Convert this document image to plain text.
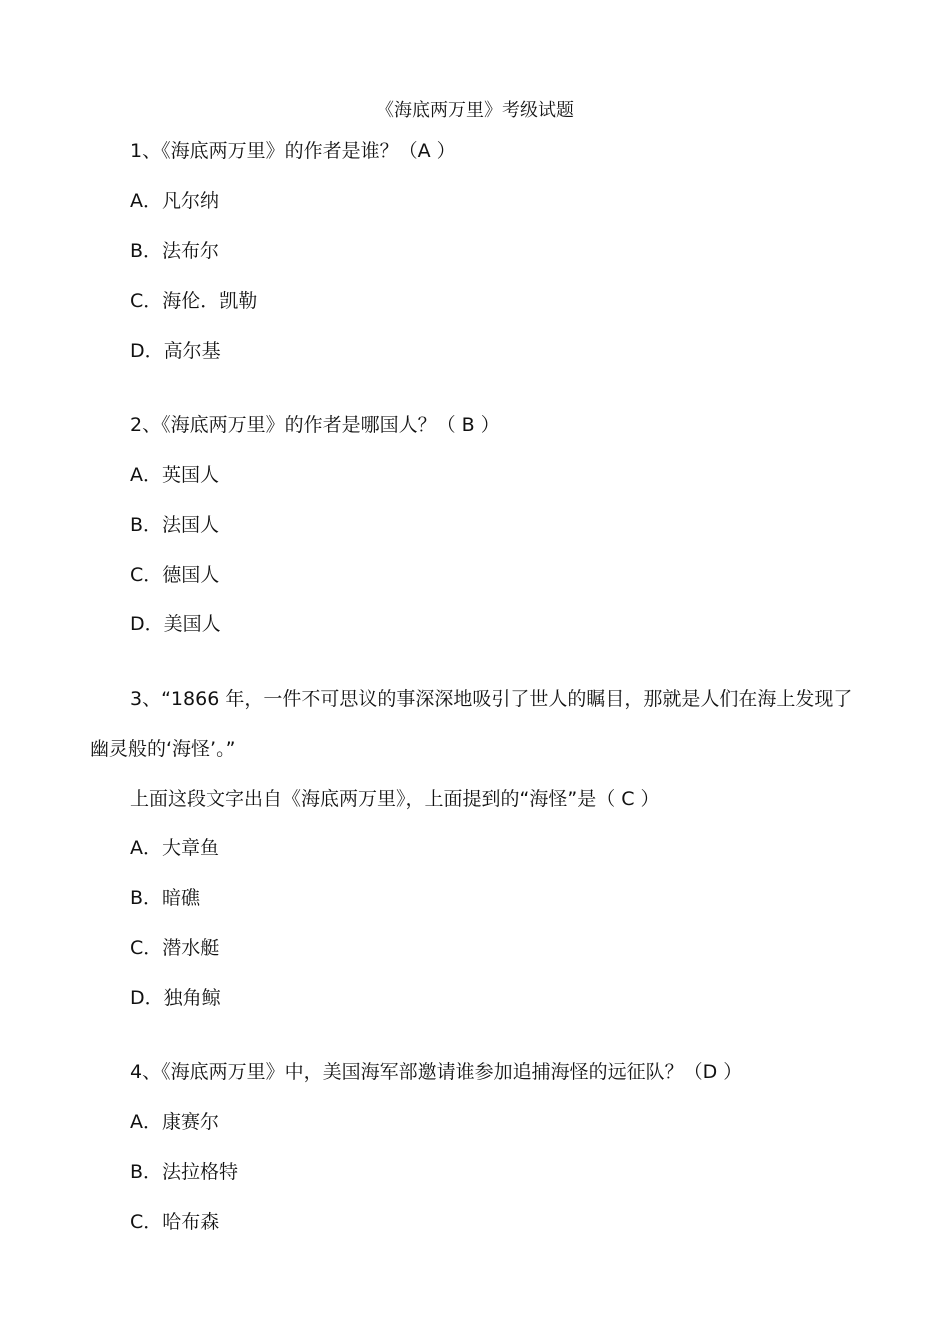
《海底两万里》考级试题
1、《海底两万里》的作者是谁？（A ）
A．凡尔纳
B．法布尔
C．海伦．凯勒
D．高尔基
2、《海底两万里》的作者是哪国人？（ B ）
A．英国人
B．法国人
C．德国人
D．美国人
3、“1866 年，一件不可思议的事深深地吸引了世人的瞩目，那就是人们在海上发现了
幽灵般的‘海怪’。”
上面这段文字出自《海底两万里》，上面提到的“海怪”是（ C ）
A．大章鱼
B．暗礁
C．潜水艇
D．独角鲸
4、《海底两万里》中，美国海军部邀请谁参加追捕海怪的远征队？（D ）
A．康赛尔
B．法拉格特
C．哈布森
